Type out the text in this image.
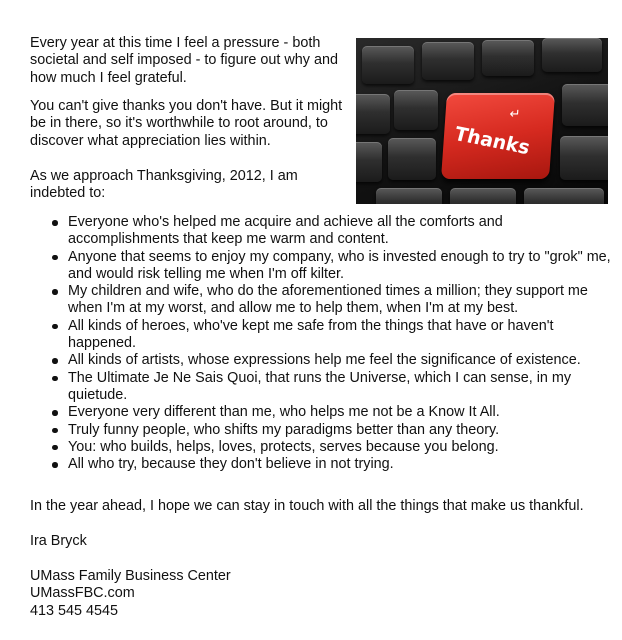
Every year at this time I feel a pressure - both societal and self imposed - to figure out why and how much I feel grateful.

You can't give thanks you don't have. But it might be in there, so it's worthwhile to root around, to discover what appreciation lies within.

As we approach Thanksgiving, 2012, I am indebted to:

↵
Thanks
Everyone who's helped me acquire and achieve all the comforts and accomplishments that keep me warm and content.
Anyone that seems to enjoy my company, who is invested enough to try to "grok" me, and would risk telling me when I'm off kilter.
My children and wife, who do the aforementioned times a million; they support me when I'm at my worst, and allow me to help them, when I'm at my best.
All kinds of heroes, who've kept me safe from the things that have or haven't happened.
All kinds of artists, whose expressions help me feel the significance of existence.
The Ultimate Je Ne Sais Quoi, that runs the Universe, which I can sense, in my quietude.
Everyone very different than me, who helps me not be a Know It All.
Truly funny people, who shifts my paradigms better than any theory.
You: who builds, helps, loves, protects, serves because you belong.
All who try, because they don't believe in not trying.

In the year ahead, I hope we can stay in touch with all the things that make us thankful.

Ira Bryck

UMass Family Business Center
UMassFBC.com
413 545 4545
